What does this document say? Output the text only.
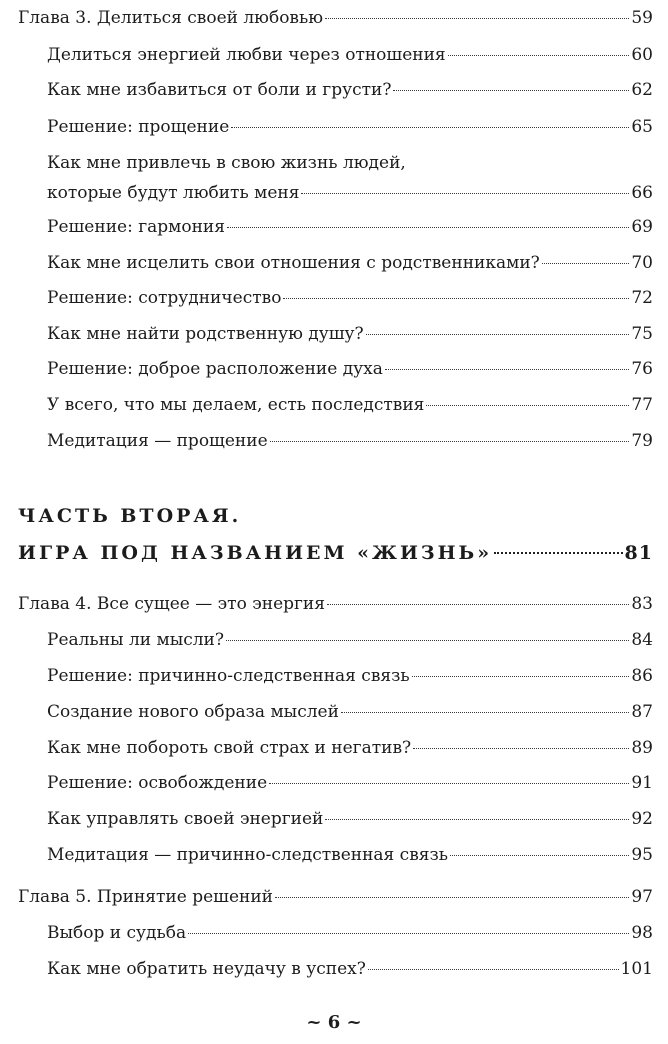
Глава 3. Делиться своей любовью	59
Делиться энергией любви через отношения	60
Как мне избавиться от боли и грусти?	62
Решение: прощение	65
Как мне привлечь в свою жизнь людей,
которые будут любить меня	66
Решение: гармония	69
Как мне исцелить свои отношения с родственниками?	70
Решение: сотрудничество	72
Как мне найти родственную душу?	75
Решение: доброе расположение духа	76
У всего, что мы делаем, есть последствия	77
Медитация — прощение	79
ЧАСТЬ ВТОРАЯ.
ИГРА ПОД НАЗВАНИЕМ «ЖИЗНЬ»	81
Глава 4. Все сущее — это энергия	83
Реальны ли мысли?	84
Решение: причинно-следственная связь	86
Создание нового образа мыслей	87
Как мне побороть свой страх и негатив?	89
Решение: освобождение	91
Как управлять своей энергией	92
Медитация — причинно-следственная связь	95
Глава 5. Принятие решений	97
Выбор и судьба	98
Как мне обратить неудачу в успех?	101
~ 6 ~
